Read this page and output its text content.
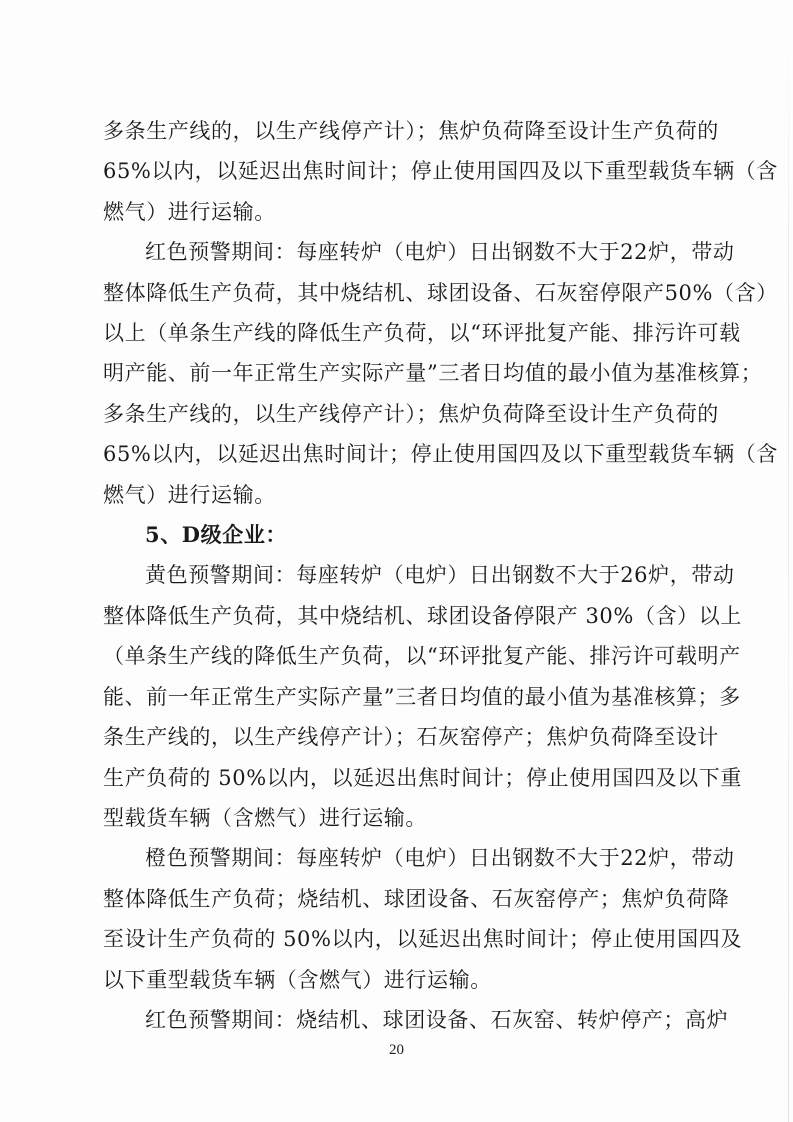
多条生产线的，以生产线停产计）；焦炉负荷降至设计生产负荷的
65%以内，以延迟出焦时间计；停止使用国四及以下重型载货车辆（含
燃气）进行运输。

红色预警期间：每座转炉（电炉）日出钢数不大于22炉，带动
整体降低生产负荷，其中烧结机、球团设备、石灰窑停限产50%（含）
以上（单条生产线的降低生产负荷，以“环评批复产能、排污许可载
明产能、前一年正常生产实际产量”三者日均值的最小值为基准核算；
多条生产线的，以生产线停产计）；焦炉负荷降至设计生产负荷的
65%以内，以延迟出焦时间计；停止使用国四及以下重型载货车辆（含
燃气）进行运输。

5、D级企业：

黄色预警期间：每座转炉（电炉）日出钢数不大于26炉，带动
整体降低生产负荷，其中烧结机、球团设备停限产 30%（含）以上
（单条生产线的降低生产负荷，以“环评批复产能、排污许可载明产
能、前一年正常生产实际产量”三者日均值的最小值为基准核算；多
条生产线的，以生产线停产计）；石灰窑停产；焦炉负荷降至设计
生产负荷的 50%以内，以延迟出焦时间计；停止使用国四及以下重
型载货车辆（含燃气）进行运输。

橙色预警期间：每座转炉（电炉）日出钢数不大于22炉，带动
整体降低生产负荷；烧结机、球团设备、石灰窑停产；焦炉负荷降
至设计生产负荷的 50%以内，以延迟出焦时间计；停止使用国四及
以下重型载货车辆（含燃气）进行运输。

红色预警期间：烧结机、球团设备、石灰窑、转炉停产；高炉

20
